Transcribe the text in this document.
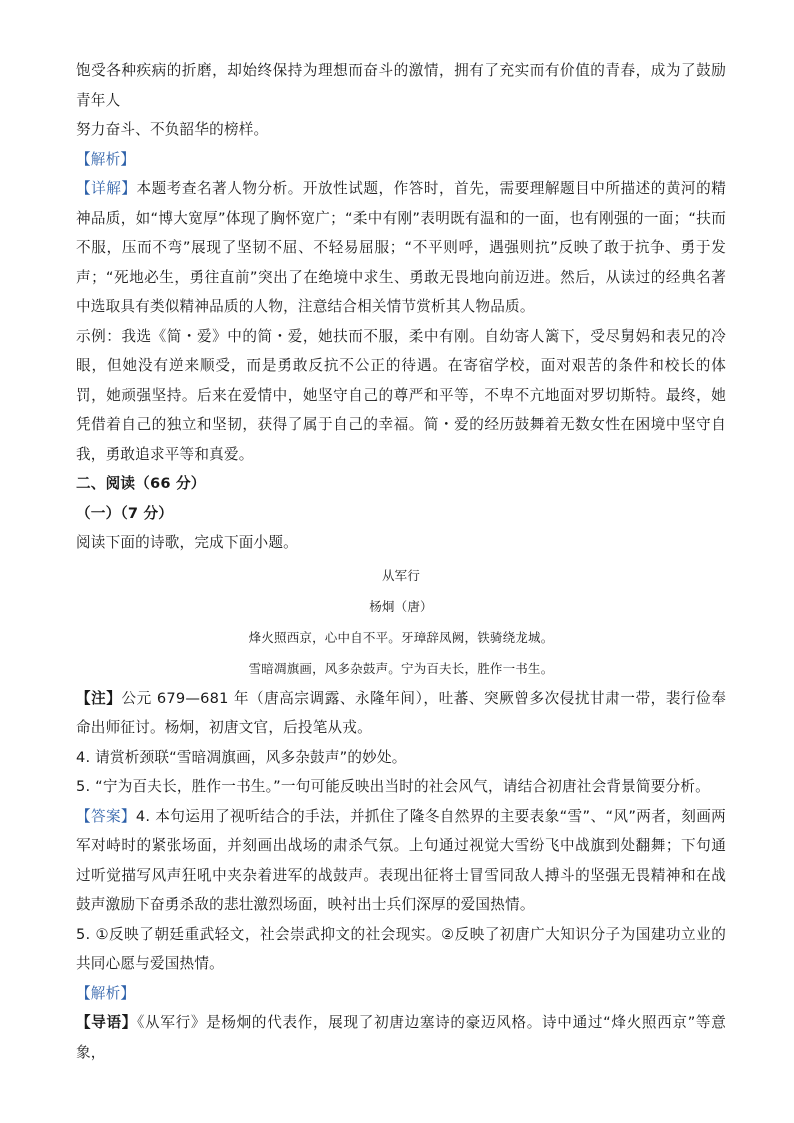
饱受各种疾病的折磨，却始终保持为理想而奋斗的激情，拥有了充实而有价值的青春，成为了鼓励青年人

努力奋斗、不负韶华的榜样。

【解析】

【详解】本题考查名著人物分析。开放性试题，作答时，首先，需要理解题目中所描述的黄河的精神品质，如“博大宽厚”体现了胸怀宽广；“柔中有刚”表明既有温和的一面，也有刚强的一面；“扶而不服，压而不弯”展现了坚韧不屈、不轻易屈服；“不平则呼，遇强则抗”反映了敢于抗争、勇于发声；“死地必生，勇往直前”突出了在绝境中求生、勇敢无畏地向前迈进。然后，从读过的经典名著中选取具有类似精神品质的人物，注意结合相关情节赏析其人物品质。

示例：我选《简・爱》中的简・爱，她扶而不服，柔中有刚。自幼寄人篱下，受尽舅妈和表兄的冷眼，但她没有逆来顺受，而是勇敢反抗不公正的待遇。在寄宿学校，面对艰苦的条件和校长的体罚，她顽强坚持。后来在爱情中，她坚守自己的尊严和平等，不卑不亢地面对罗切斯特。最终，她凭借着自己的独立和坚韧，获得了属于自己的幸福。简・爱的经历鼓舞着无数女性在困境中坚守自我，勇敢追求平等和真爱。

二、阅读（66 分）

（一）（7 分）

阅读下面的诗歌，完成下面小题。

从军行

杨炯（唐）

烽火照西京，心中自不平。牙璋辞凤阙，铁骑绕龙城。

雪暗凋旗画，风多杂鼓声。宁为百夫长，胜作一书生。

【注】公元 679—681 年（唐高宗调露、永隆年间），吐蕃、突厥曾多次侵扰甘肃一带，裴行俭奉命出师征讨。杨炯，初唐文官，后投笔从戎。

4. 请赏析颈联“雪暗凋旗画，风多杂鼓声”的妙处。

5. “宁为百夫长，胜作一书生。”一句可能反映出当时的社会风气，请结合初唐社会背景简要分析。

【答案】4. 本句运用了视听结合的手法，并抓住了隆冬自然界的主要表象“雪”、“风”两者，刻画两军对峙时的紧张场面，并刻画出战场的肃杀气氛。上句通过视觉大雪纷飞中战旗到处翻舞；下句通过听觉描写风声狂吼中夹杂着进军的战鼓声。表现出征将士冒雪同敌人搏斗的坚强无畏精神和在战鼓声激励下奋勇杀敌的悲壮激烈场面，映衬出士兵们深厚的爱国热情。

5. ①反映了朝廷重武轻文，社会崇武抑文的社会现实。②反映了初唐广大知识分子为国建功立业的共同心愿与爱国热情。

【解析】

【导语】《从军行》是杨炯的代表作，展现了初唐边塞诗的豪迈风格。诗中通过“烽火照西京”等意象，
